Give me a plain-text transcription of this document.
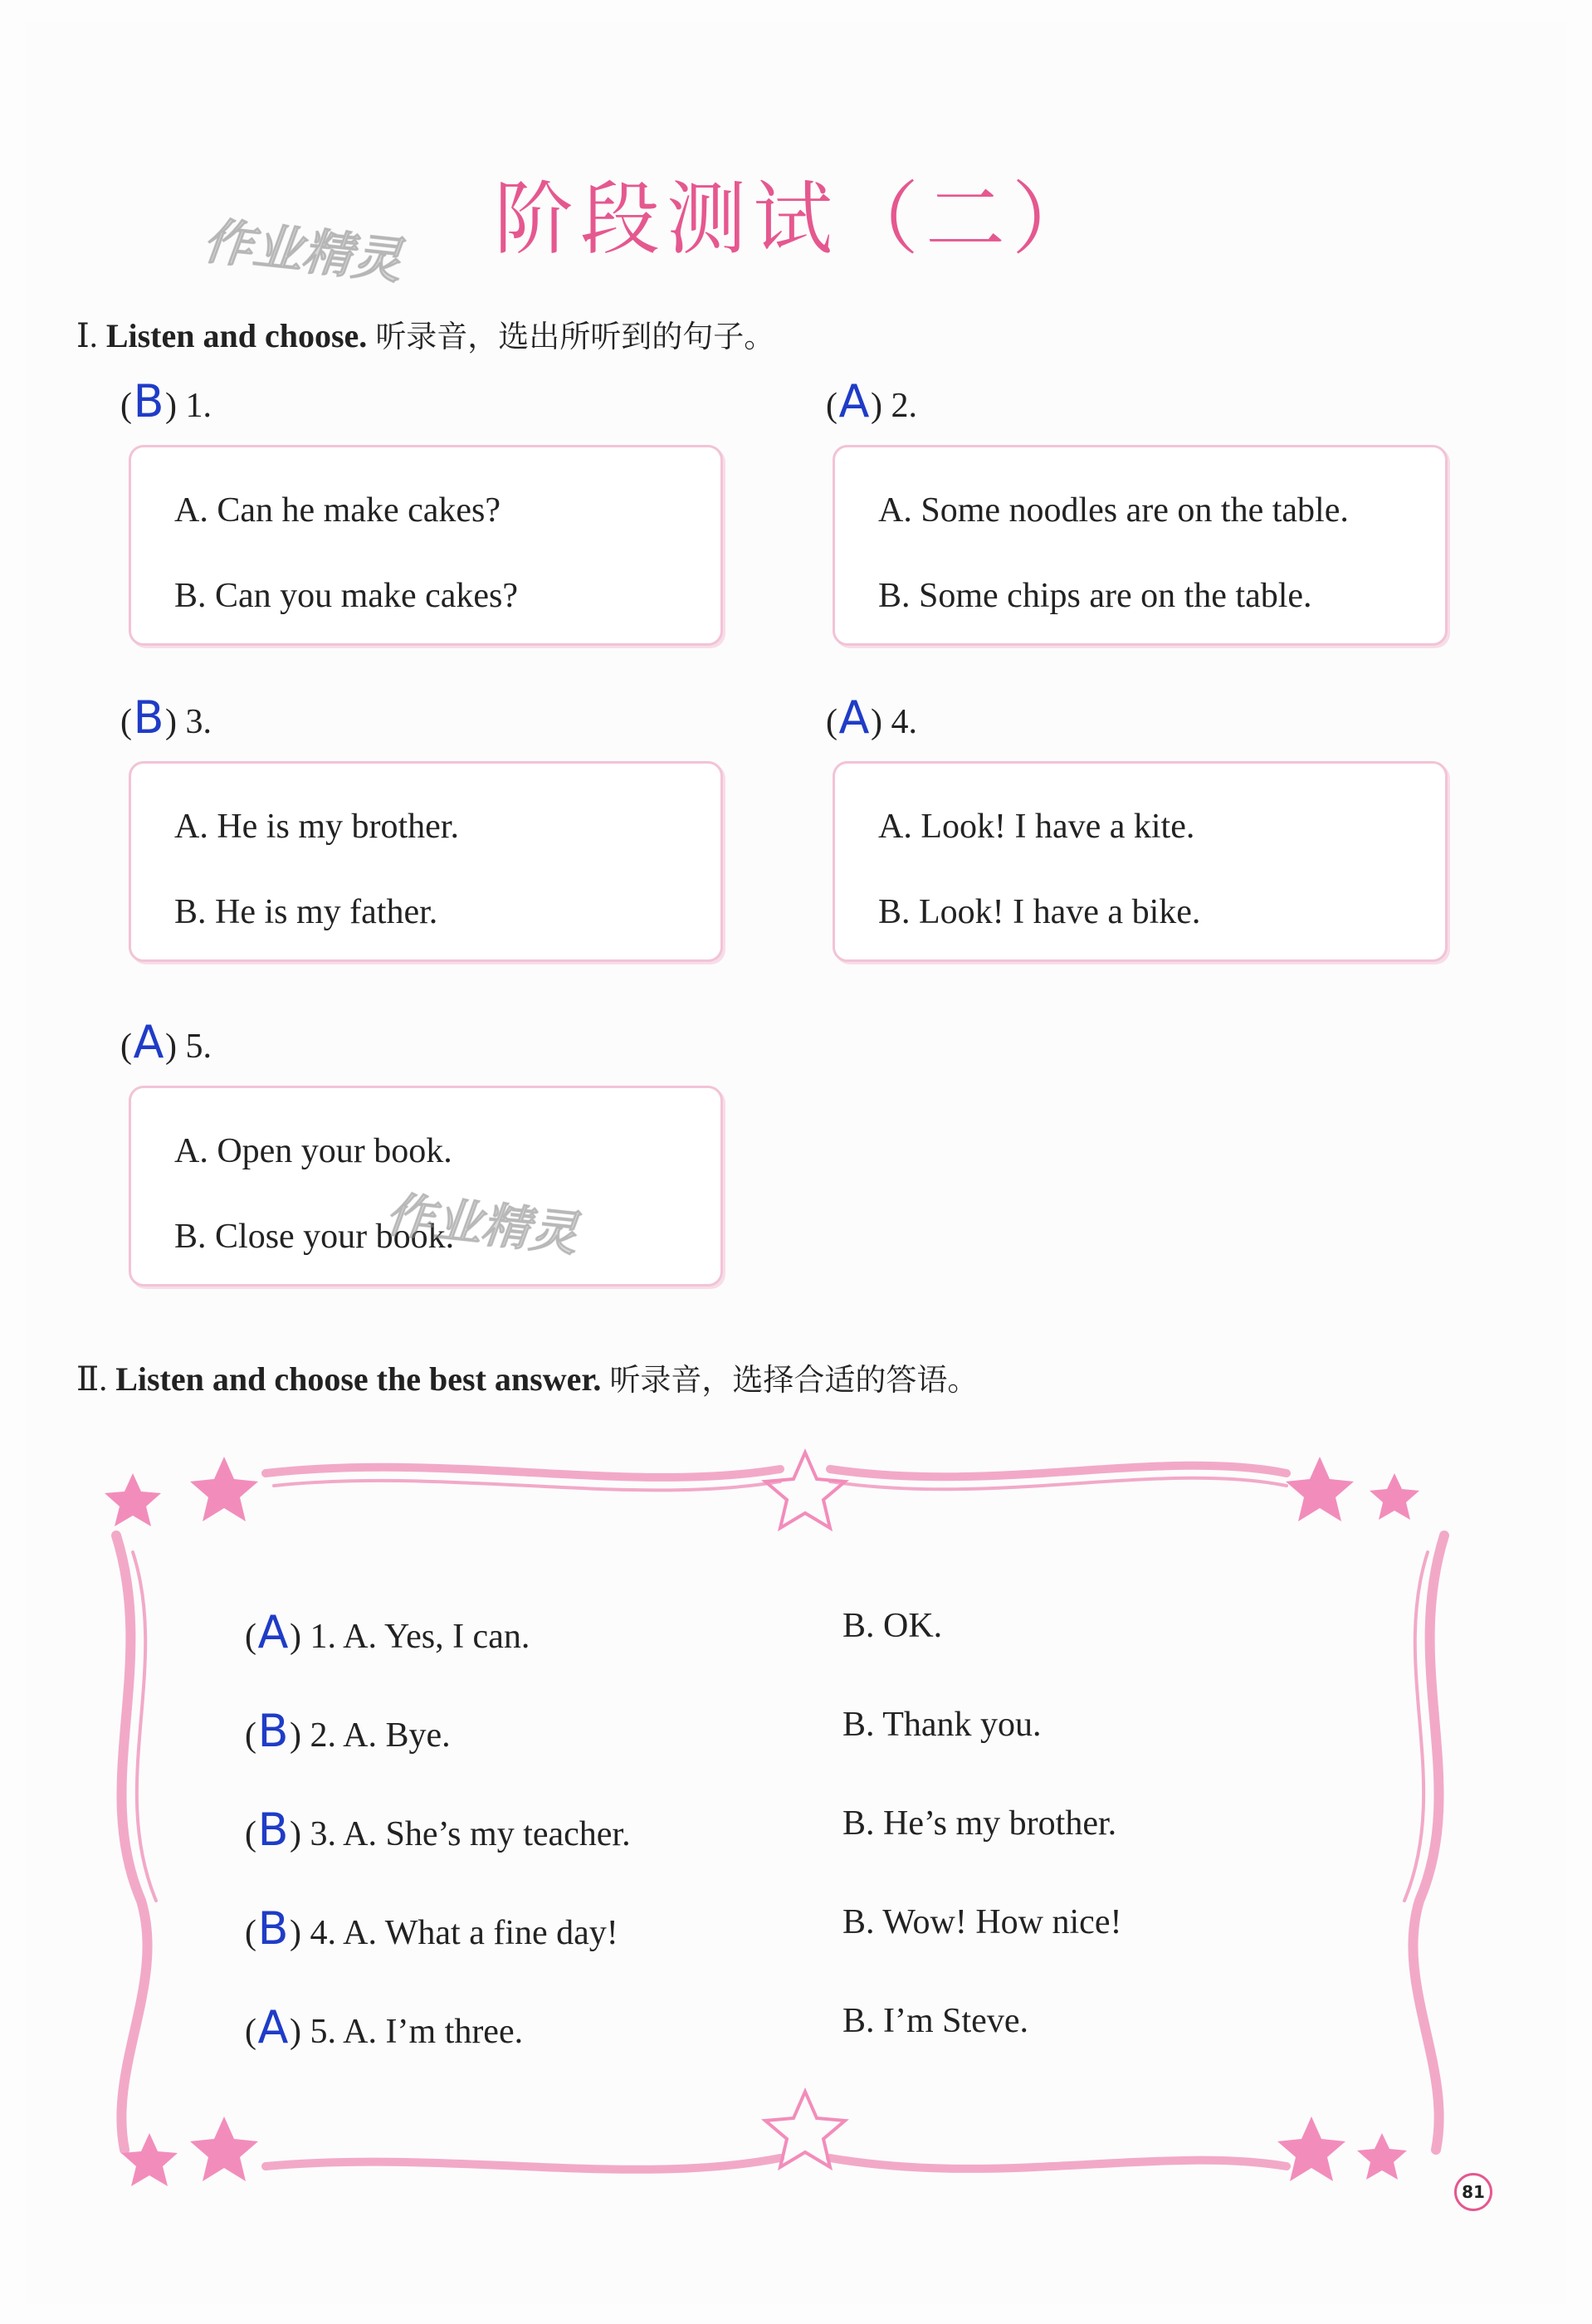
阶段测试（二）
作业精灵
Ⅰ. Listen and choose. 听录音，选出所听到的句子。
(B) 1.
A. Can he make cakes?
B. Can you make cakes?
(A) 2.
A. Some noodles are on the table.
B. Some chips are on the table.
(B) 3.
A. He is my brother.
B. He is my father.
(A) 4.
A. Look! I have a kite.
B. Look! I have a bike.
(A) 5.
A. Open your book.
B. Close your book.
作业精灵
Ⅱ. Listen and choose the best answer. 听录音，选择合适的答语。
(A) 1. A. Yes, I can.	B. OK.
(B) 2. A. Bye.	B. Thank you.
(B) 3. A. She’s my teacher.	B. He’s my brother.
(B) 4. A. What a fine day!	B. Wow! How nice!
(A) 5. A. I’m three.	B. I’m Steve.
81
